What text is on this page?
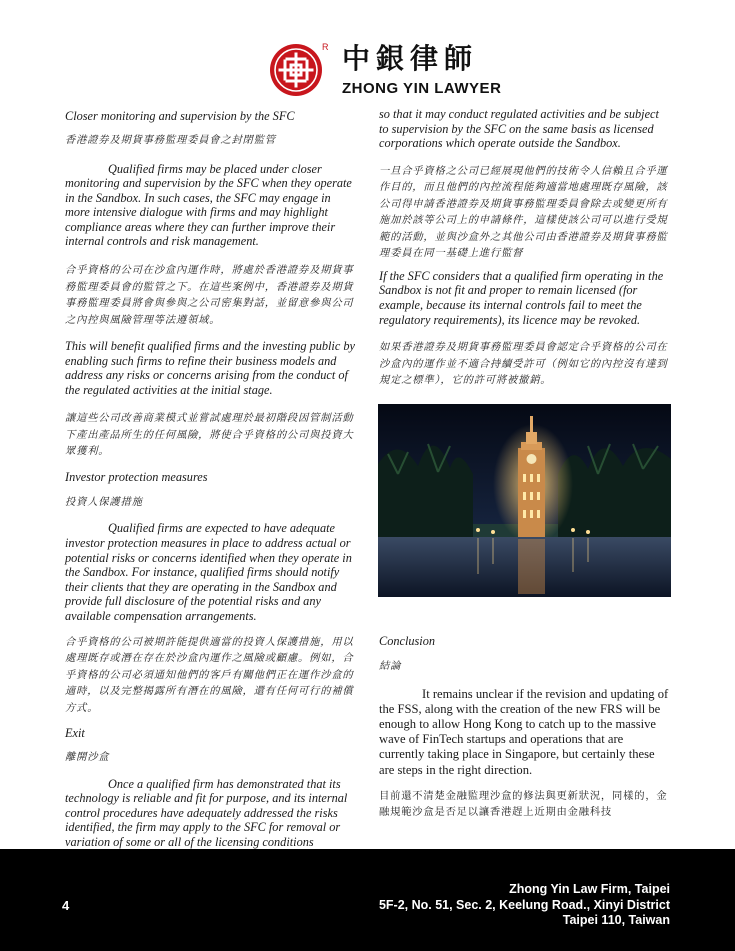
R 中銀律師
ZHONG YIN LAWYER

Closer monitoring and supervision by the SFC

香港證券及期貨事務監理委員會之封閉監管

Qualified firms may be placed under closer monitoring and supervision by the SFC when they operate in the Sandbox. In such cases, the SFC may engage in more intensive dialogue with firms and may highlight compliance areas where they can further improve their internal controls and risk management.

合乎資格的公司在沙盒內運作時，將處於香港證券及期貨事務監理委員會的監管之下。在這些案例中，香港證券及期貨事務監理委員將會與參與之公司密集對話，並留意參與公司之內控與風險管理等法遵領域。

This will benefit qualified firms and the investing public by enabling such firms to refine their business models and address any risks or concerns arising from the conduct of the regulated activities at the initial stage.

讓這些公司改善商業模式並嘗試處理於最初階段因管制活動下產出產品所生的任何風險，將使合乎資格的公司與投資大眾獲利。

Investor protection measures

投資人保護措施

Qualified firms are expected to have adequate investor protection measures in place to address actual or potential risks or concerns identified when they operate in the Sandbox. For instance, qualified firms should notify their clients that they are operating in the Sandbox and provide full disclosure of the potential risks and any available compensation arrangements.

合乎資格的公司被期許能提供適當的投資人保護措施，用以處理既存或潛在存在於沙盒內運作之風險或顧慮。例如，合乎資格的公司必須通知他們的客戶有關他們正在運作沙盒的適時，以及完整揭露所有潛在的風險，還有任何可行的補償方式。

Exit

離開沙盒

Once a qualified firm has demonstrated that its technology is reliable and fit for purpose, and its internal control procedures have adequately addressed the risks identified, the firm may apply to the SFC for removal or variation of some or all of the licensing conditions

so that it may conduct regulated activities and be subject to supervision by the SFC on the same basis as licensed corporations which operate outside the Sandbox.

一旦合乎資格之公司已經展現他們的技術令人信賴且合乎運作目的，而且他們的內控流程能夠適當地處理既存風險，該公司得申請香港證券及期貨事務監理委員會除去或變更所有施加於該等公司上的申請條件，這樣使該公司可以進行受規範的活動，並與沙盒外之其他公司由香港證券及期貨事務監理委員在同一基礎上進行監督

If the SFC considers that a qualified firm operating in the Sandbox is not fit and proper to remain licensed (for example, because its internal controls fail to meet the regulatory requirements), its licence may be revoked.

如果香港證券及期貨事務監理委員會認定合乎資格的公司在沙盒內的運作並不適合持續受許可（例如它的內控沒有達到規定之標準），它的許可將被撤銷。

Conclusion

結論

It remains unclear if the revision and updating of the FSS, along with the creation of the new FRS will be enough to allow Hong Kong to catch up to the massive wave of FinTech startups and operations that are currently taking place in Singapore, but certainly these are steps in the right direction.

目前還不清楚金融監理沙盒的修法與更新狀況，同樣的，金融規範沙盒是否足以讓香港趕上近期由金融科技

4
Zhong Yin Law Firm, Taipei
5F-2, No. 51, Sec. 2, Keelung Road., Xinyi District
Taipei 110, Taiwan
